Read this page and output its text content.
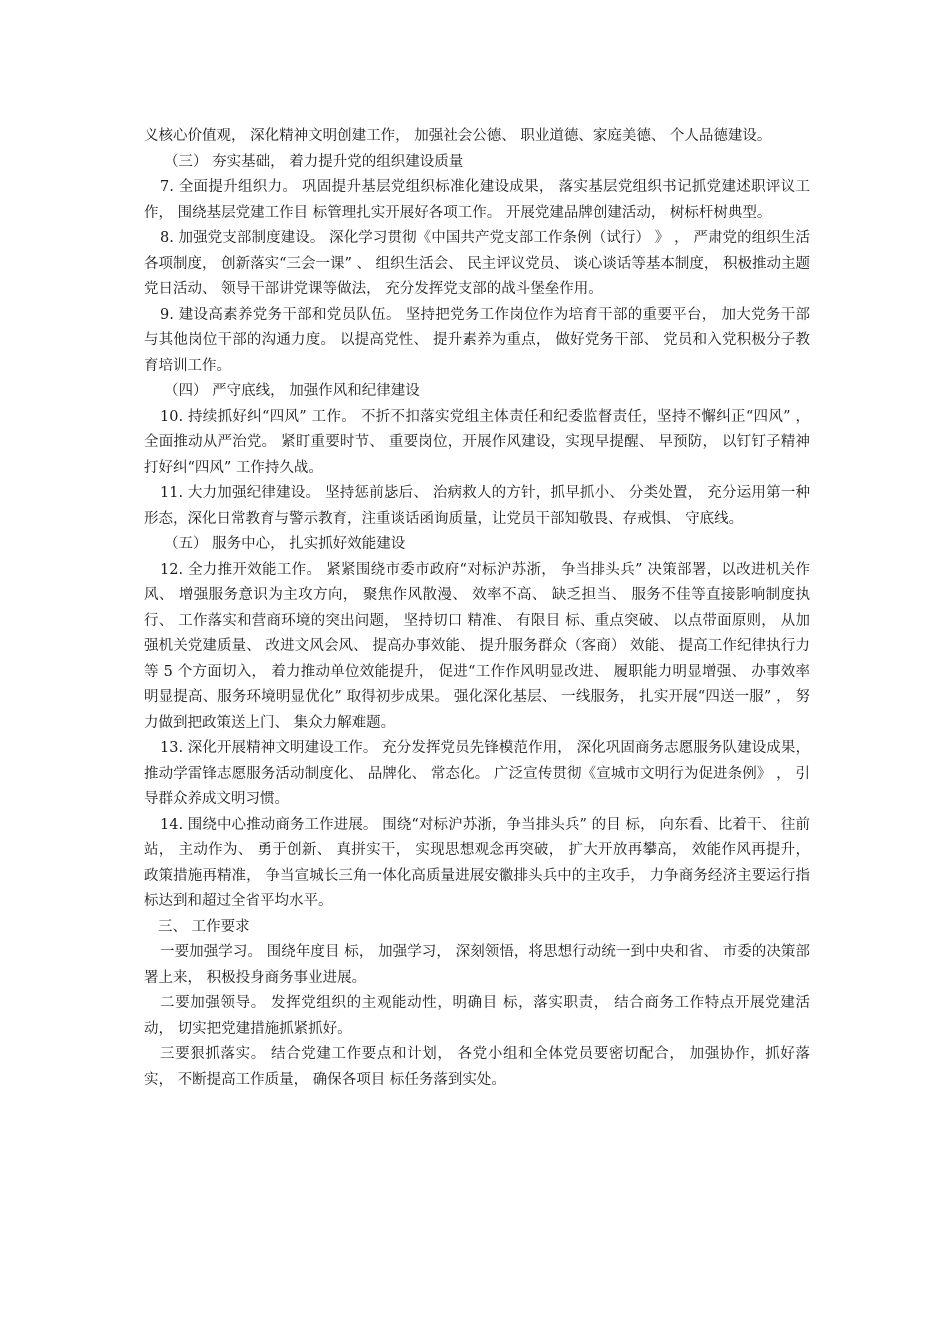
义核心价值观， 深化精神文明创建工作， 加强社会公德、 职业道德、家庭美德、 个人品德建设。

（三） 夯实基础， 着力提升党的组织建设质量

7. 全面提升组织力。 巩固提升基层党组织标准化建设成果， 落实基层党组织书记抓党建述职评议工作， 围绕基层党建工作目 标管理扎实开展好各项工作。 开展党建品牌创建活动， 树标杆树典型。

8. 加强党支部制度建设。 深化学习贯彻《中国共产党支部工作条例（试行） 》 ， 严肃党的组织生活各项制度， 创新落实“三会一课” 、 组织生活会、 民主评议党员、 谈心谈话等基本制度， 积极推动主题党日活动、 领导干部讲党课等做法， 充分发挥党支部的战斗堡垒作用。

9. 建设高素养党务干部和党员队伍。 坚持把党务工作岗位作为培育干部的重要平台， 加大党务干部与其他岗位干部的沟通力度。 以提高党性、 提升素养为重点， 做好党务干部、 党员和入党积极分子教育培训工作。

（四） 严守底线， 加强作风和纪律建设

10. 持续抓好纠“四风” 工作。 不折不扣落实党组主体责任和纪委监督责任，坚持不懈纠正“四风” ， 全面推动从严治党。 紧盯重要时节、 重要岗位，开展作风建设，实现早提醒、 早预防， 以钉钉子精神打好纠“四风” 工作持久战。

11. 大力加强纪律建设。 坚持惩前毖后、 治病救人的方针，抓早抓小、 分类处置， 充分运用第一种形态，深化日常教育与警示教育，注重谈话函询质量，让党员干部知敬畏、存戒惧、 守底线。

（五） 服务中心， 扎实抓好效能建设

12. 全力推开效能工作。 紧紧围绕市委市政府“对标沪苏浙， 争当排头兵” 决策部署，以改进机关作风、 增强服务意识为主攻方向， 聚焦作风散漫、 效率不高、 缺乏担当、 服务不佳等直接影响制度执行、 工作落实和营商环境的突出问题， 坚持切口 精准、 有限目 标、重点突破、 以点带面原则， 从加强机关党建质量、 改进文风会风、 提高办事效能、 提升服务群众（客商） 效能、 提高工作纪律执行力等 5 个方面切入， 着力推动单位效能提升， 促进“工作作风明显改进、 履职能力明显增强、 办事效率明显提高、服务环境明显优化” 取得初步成果。 强化深化基层、 一线服务， 扎实开展“四送一服” ， 努力做到把政策送上门、 集众力解难题。

13. 深化开展精神文明建设工作。 充分发挥党员先锋模范作用， 深化巩固商务志愿服务队建设成果， 推动学雷锋志愿服务活动制度化、 品牌化、 常态化。 广泛宣传贯彻《宣城市文明行为促进条例》 ， 引导群众养成文明习惯。

14. 围绕中心推动商务工作进展。 围绕“对标沪苏浙，争当排头兵” 的目 标， 向东看、比着干、 往前站， 主动作为、 勇于创新、 真拼实干， 实现思想观念再突破， 扩大开放再攀高， 效能作风再提升， 政策措施再精准， 争当宣城长三角一体化高质量进展安徽排头兵中的主攻手， 力争商务经济主要运行指标达到和超过全省平均水平。

三、 工作要求

一要加强学习。 围绕年度目 标， 加强学习， 深刻领悟，将思想行动统一到中央和省、 市委的决策部署上来， 积极投身商务事业进展。

二要加强领导。 发挥党组织的主观能动性，明确目 标，落实职责， 结合商务工作特点开展党建活动， 切实把党建措施抓紧抓好。

三要狠抓落实。 结合党建工作要点和计划， 各党小组和全体党员要密切配合， 加强协作，抓好落实， 不断提高工作质量， 确保各项目 标任务落到实处。
